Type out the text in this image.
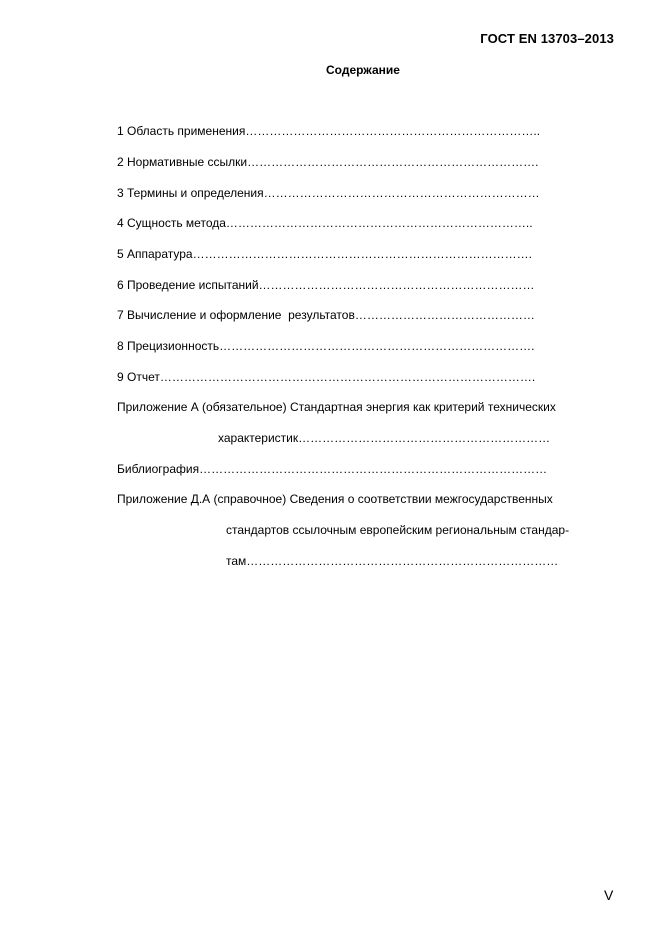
ГОСТ EN 13703–2013
Содержание
1 Область применения………………………………………………………………..
2 Нормативные ссылки……………………………………………………………….
3 Термины и определения……………………………………………………………
4 Сущность метода…………………………………………………………………..
5 Аппаратура………………………………………………………………………….
6 Проведение испытаний……………………………………………………………
7 Вычисление и оформление  результатов………………………………………
8 Прецизионность…………………………………………………………………….
9 Отчет………………………………………………………………………………….
Приложение А (обязательное) Стандартная энергия как критерий технических
характеристик………………………………………………………
Библиография……………………………………………………………………………
Приложение Д.А (справочное) Сведения о соответствии межгосударственных
стандартов ссылочным европейским региональным стандар-
там……………………………………………………………………
V
